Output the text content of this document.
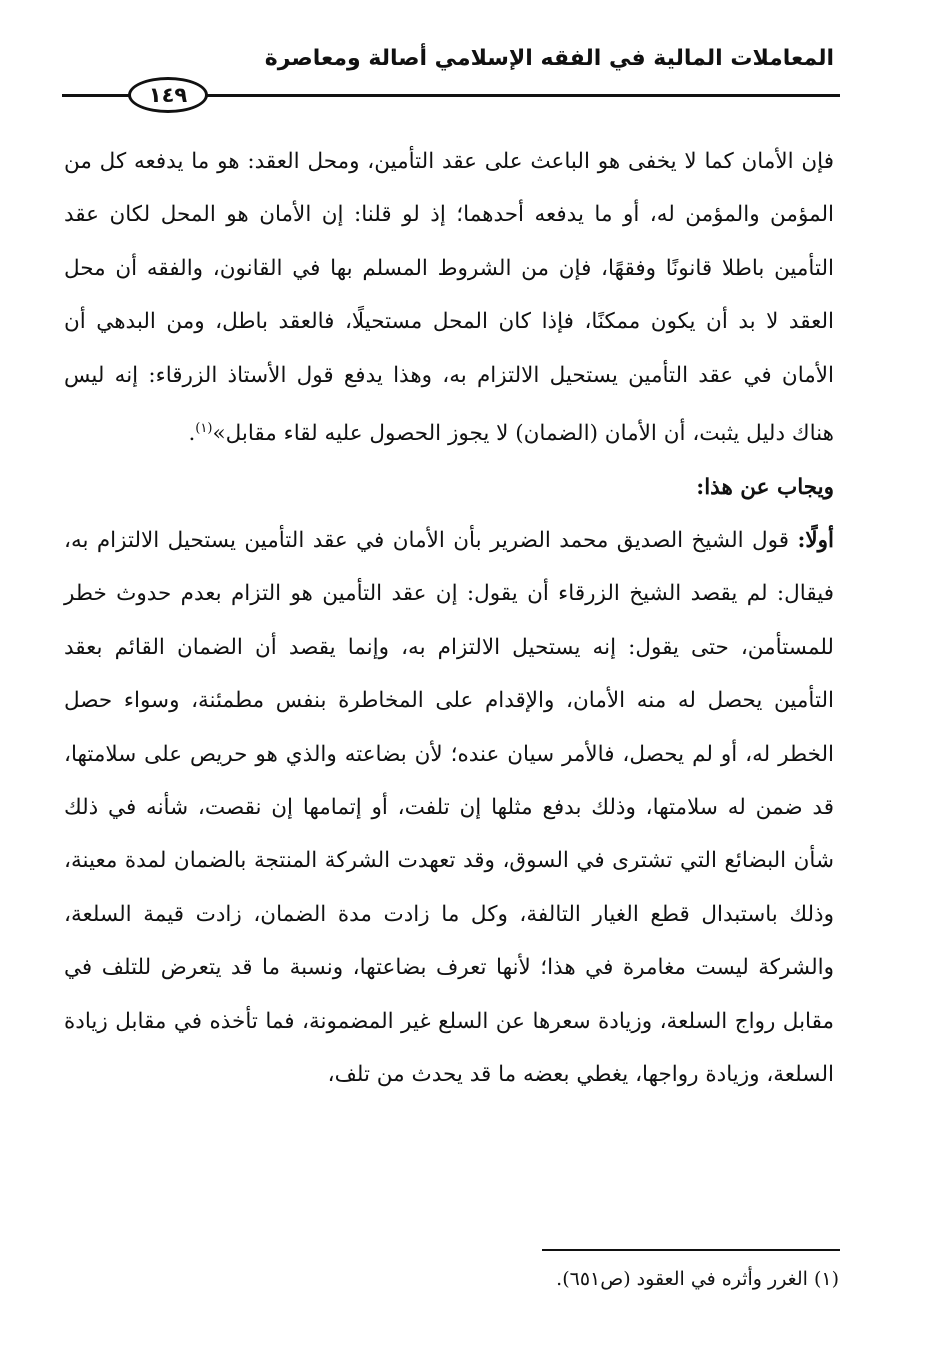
المعاملات المالية في الفقه الإسلامي أصالة ومعاصرة
١٤٩

فإن الأمان كما لا يخفى هو الباعث على عقد التأمين، ومحل العقد: هو ما يدفعه كل من المؤمن والمؤمن له، أو ما يدفعه أحدهما؛ إذ لو قلنا: إن الأمان هو المحل لكان عقد التأمين باطلا قانونًا وفقهًا، فإن من الشروط المسلم بها في القانون، والفقه أن محل العقد لا بد أن يكون ممكنًا، فإذا كان المحل مستحيلًا، فالعقد باطل، ومن البدهي أن الأمان في عقد التأمين يستحيل الالتزام به، وهذا يدفع قول الأستاذ الزرقاء: إنه ليس هناك دليل يثبت، أن الأمان (الضمان) لا يجوز الحصول عليه لقاء مقابل»$^{(١)}$.

ويجاب عن هذا:

أولًا: قول الشيخ الصديق محمد الضرير بأن الأمان في عقد التأمين يستحيل الالتزام به، فيقال: لم يقصد الشيخ الزرقاء أن يقول: إن عقد التأمين هو التزام بعدم حدوث خطر للمستأمن، حتى يقول: إنه يستحيل الالتزام به، وإنما يقصد أن الضمان القائم بعقد التأمين يحصل له منه الأمان، والإقدام على المخاطرة بنفس مطمئنة، وسواء حصل الخطر له، أو لم يحصل، فالأمر سيان عنده؛ لأن بضاعته والذي هو حريص على سلامتها، قد ضمن له سلامتها، وذلك بدفع مثلها إن تلفت، أو إتمامها إن نقصت، شأنه في ذلك شأن البضائع التي تشترى في السوق، وقد تعهدت الشركة المنتجة بالضمان لمدة معينة، وذلك باستبدال قطع الغيار التالفة، وكل ما زادت مدة الضمان، زادت قيمة السلعة، والشركة ليست مغامرة في هذا؛ لأنها تعرف بضاعتها، ونسبة ما قد يتعرض للتلف في مقابل رواج السلعة، وزيادة سعرها عن السلع غير المضمونة، فما تأخذه في مقابل زيادة السلعة، وزيادة رواجها، يغطي بعضه ما قد يحدث من تلف،

(١) الغرر وأثره في العقود (ص٦٥١).
